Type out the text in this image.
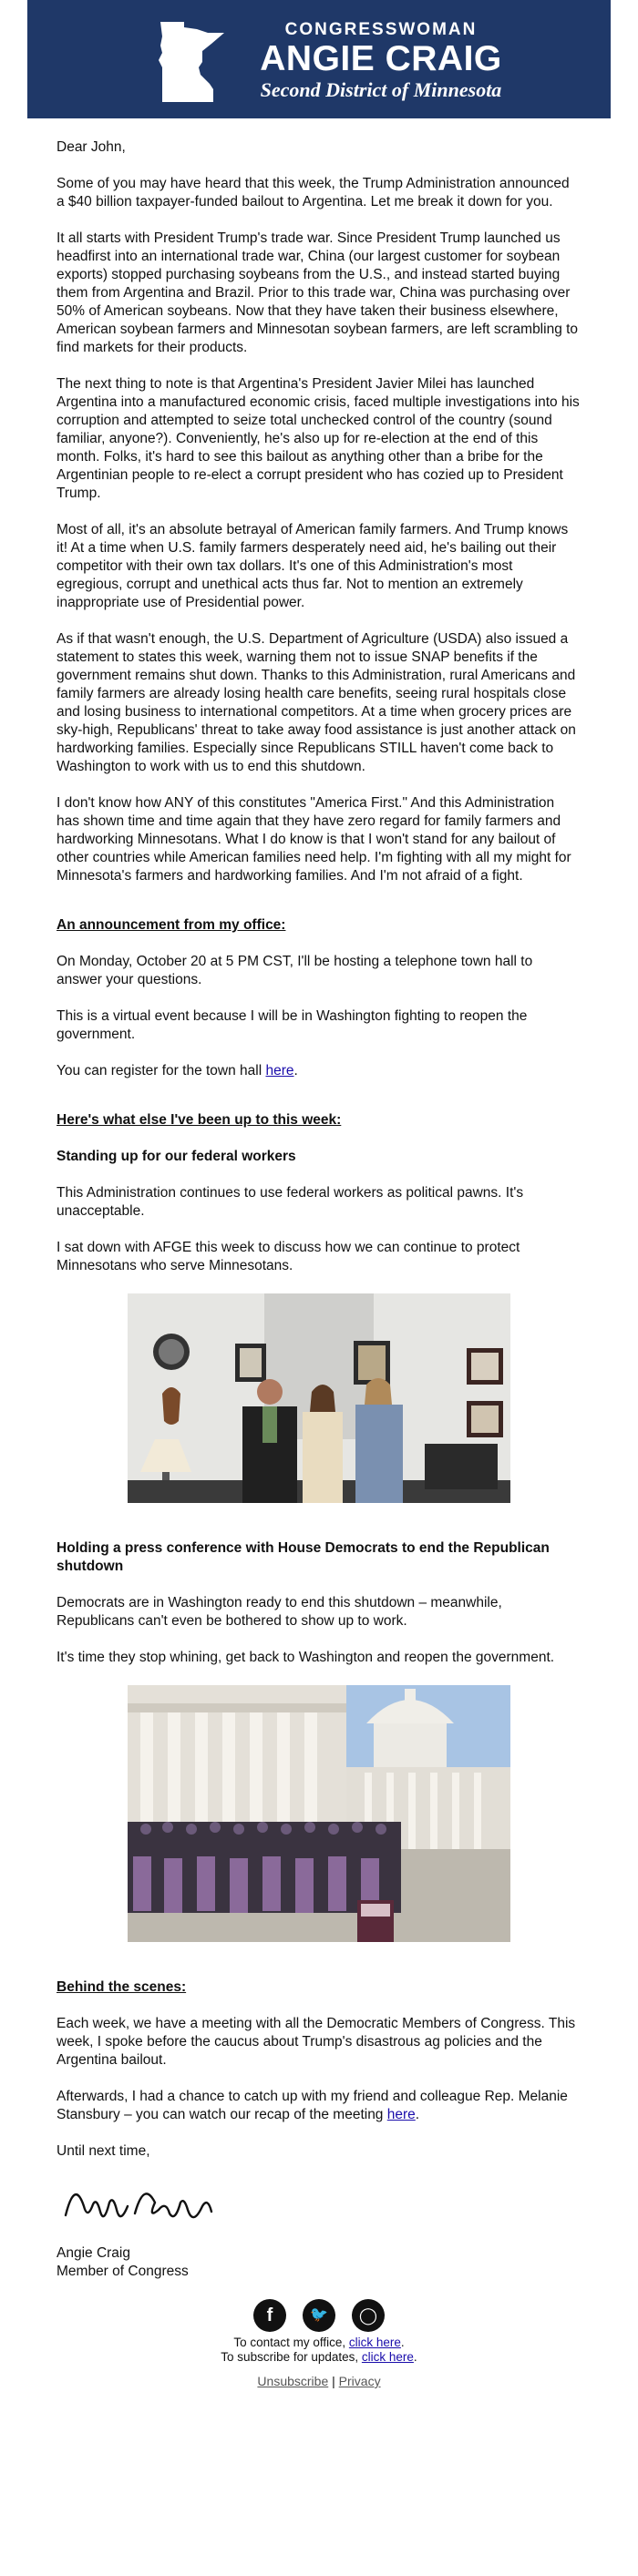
CONGRESSWOMAN
ANGIE CRAIG
Second District of Minnesota

Dear John,

Some of you may have heard that this week, the Trump Administration announced a $40 billion taxpayer-funded bailout to Argentina. Let me break it down for you.

It all starts with President Trump's trade war. Since President Trump launched us headfirst into an international trade war, China (our largest customer for soybean exports) stopped purchasing soybeans from the U.S., and instead started buying them from Argentina and Brazil. Prior to this trade war, China was purchasing over 50% of American soybeans. Now that they have taken their business elsewhere, American soybean farmers and Minnesotan soybean farmers, are left scrambling to find markets for their products.

The next thing to note is that Argentina's President Javier Milei has launched Argentina into a manufactured economic crisis, faced multiple investigations into his corruption and attempted to seize total unchecked control of the country (sound familiar, anyone?). Conveniently, he's also up for re-election at the end of this month. Folks, it's hard to see this bailout as anything other than a bribe for the Argentinian people to re-elect a corrupt president who has cozied up to President Trump.

Most of all, it's an absolute betrayal of American family farmers. And Trump knows it! At a time when U.S. family farmers desperately need aid, he's bailing out their competitor with their own tax dollars. It's one of this Administration's most egregious, corrupt and unethical acts thus far. Not to mention an extremely inappropriate use of Presidential power.

As if that wasn't enough, the U.S. Department of Agriculture (USDA) also issued a statement to states this week, warning them not to issue SNAP benefits if the government remains shut down. Thanks to this Administration, rural Americans and family farmers are already losing health care benefits, seeing rural hospitals close and losing business to international competitors. At a time when grocery prices are sky-high, Republicans' threat to take away food assistance is just another attack on hardworking families. Especially since Republicans STILL haven't come back to Washington to work with us to end this shutdown.

I don't know how ANY of this constitutes "America First." And this Administration has shown time and time again that they have zero regard for family farmers and hardworking Minnesotans. What I do know is that I won't stand for any bailout of other countries while American families need help. I'm fighting with all my might for Minnesota's farmers and hardworking families. And I'm not afraid of a fight.

An announcement from my office:

On Monday, October 20 at 5 PM CST, I'll be hosting a telephone town hall to answer your questions.

This is a virtual event because I will be in Washington fighting to reopen the government.

You can register for the town hall here.

Here's what else I've been up to this week:

Standing up for our federal workers

This Administration continues to use federal workers as political pawns. It's unacceptable.

I sat down with AFGE this week to discuss how we can continue to protect Minnesotans who serve Minnesotans.

Holding a press conference with House Democrats to end the Republican shutdown

Democrats are in Washington ready to end this shutdown – meanwhile, Republicans can't even be bothered to show up to work.

It's time they stop whining, get back to Washington and reopen the government.

Behind the scenes:

Each week, we have a meeting with all the Democratic Members of Congress. This week, I spoke before the caucus about Trump's disastrous ag policies and the Argentina bailout.

Afterwards, I had a chance to catch up with my friend and colleague Rep. Melanie Stansbury – you can watch our recap of the meeting here.

Until next time,
Angie Craig
Member of Congress
f	🐦	◯
To contact my office, click here.
To subscribe for updates, click here.
Unsubscribe | Privacy
